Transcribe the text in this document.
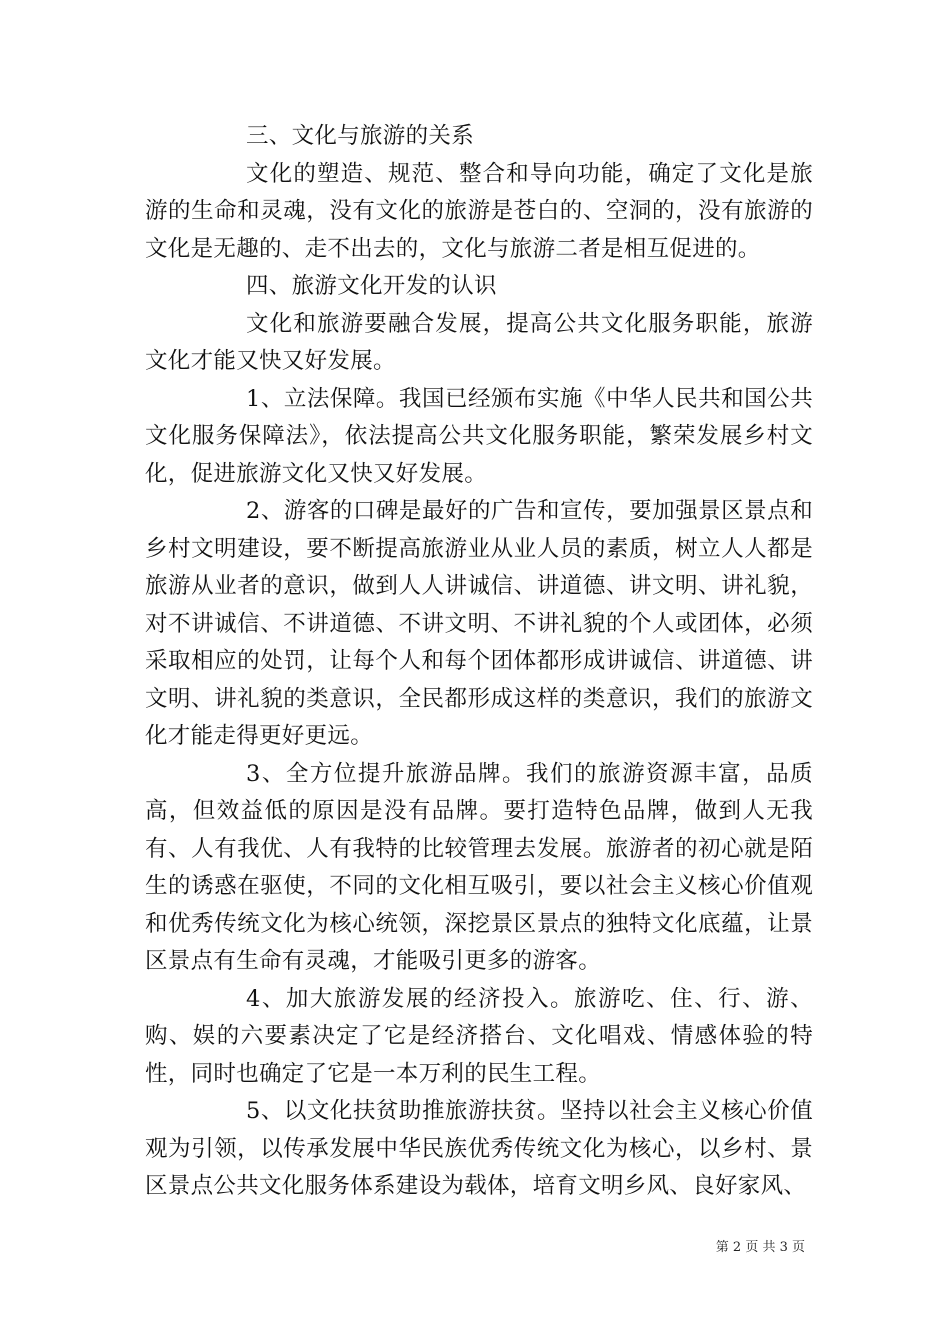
三、文化与旅游的关系

文化的塑造、规范、整合和导向功能，确定了文化是旅游的生命和灵魂，没有文化的旅游是苍白的、空洞的，没有旅游的文化是无趣的、走不出去的，文化与旅游二者是相互促进的。

四、旅游文化开发的认识

文化和旅游要融合发展，提高公共文化服务职能，旅游文化才能又快又好发展。

1、立法保障。我国已经颁布实施《中华人民共和国公共文化服务保障法》，依法提高公共文化服务职能，繁荣发展乡村文化，促进旅游文化又快又好发展。

2、游客的口碑是最好的广告和宣传，要加强景区景点和乡村文明建设，要不断提高旅游业从业人员的素质，树立人人都是旅游从业者的意识，做到人人讲诚信、讲道德、讲文明、讲礼貌，对不讲诚信、不讲道德、不讲文明、不讲礼貌的个人或团体，必须采取相应的处罚，让每个人和每个团体都形成讲诚信、讲道德、讲文明、讲礼貌的类意识，全民都形成这样的类意识，我们的旅游文化才能走得更好更远。

3、全方位提升旅游品牌。我们的旅游资源丰富，品质高，但效益低的原因是没有品牌。要打造特色品牌，做到人无我有、人有我优、人有我特的比较管理去发展。旅游者的初心就是陌生的诱惑在驱使，不同的文化相互吸引，要以社会主义核心价值观和优秀传统文化为核心统领，深挖景区景点的独特文化底蕴，让景区景点有生命有灵魂，才能吸引更多的游客。

4、加大旅游发展的经济投入。旅游吃、住、行、游、购、娱的六要素决定了它是经济搭台、文化唱戏、情感体验的特性，同时也确定了它是一本万利的民生工程。

5、以文化扶贫助推旅游扶贫。坚持以社会主义核心价值观为引领，以传承发展中华民族优秀传统文化为核心，以乡村、景区景点公共文化服务体系建设为载体，培育文明乡风、良好家风、

第 2 页 共 3 页
